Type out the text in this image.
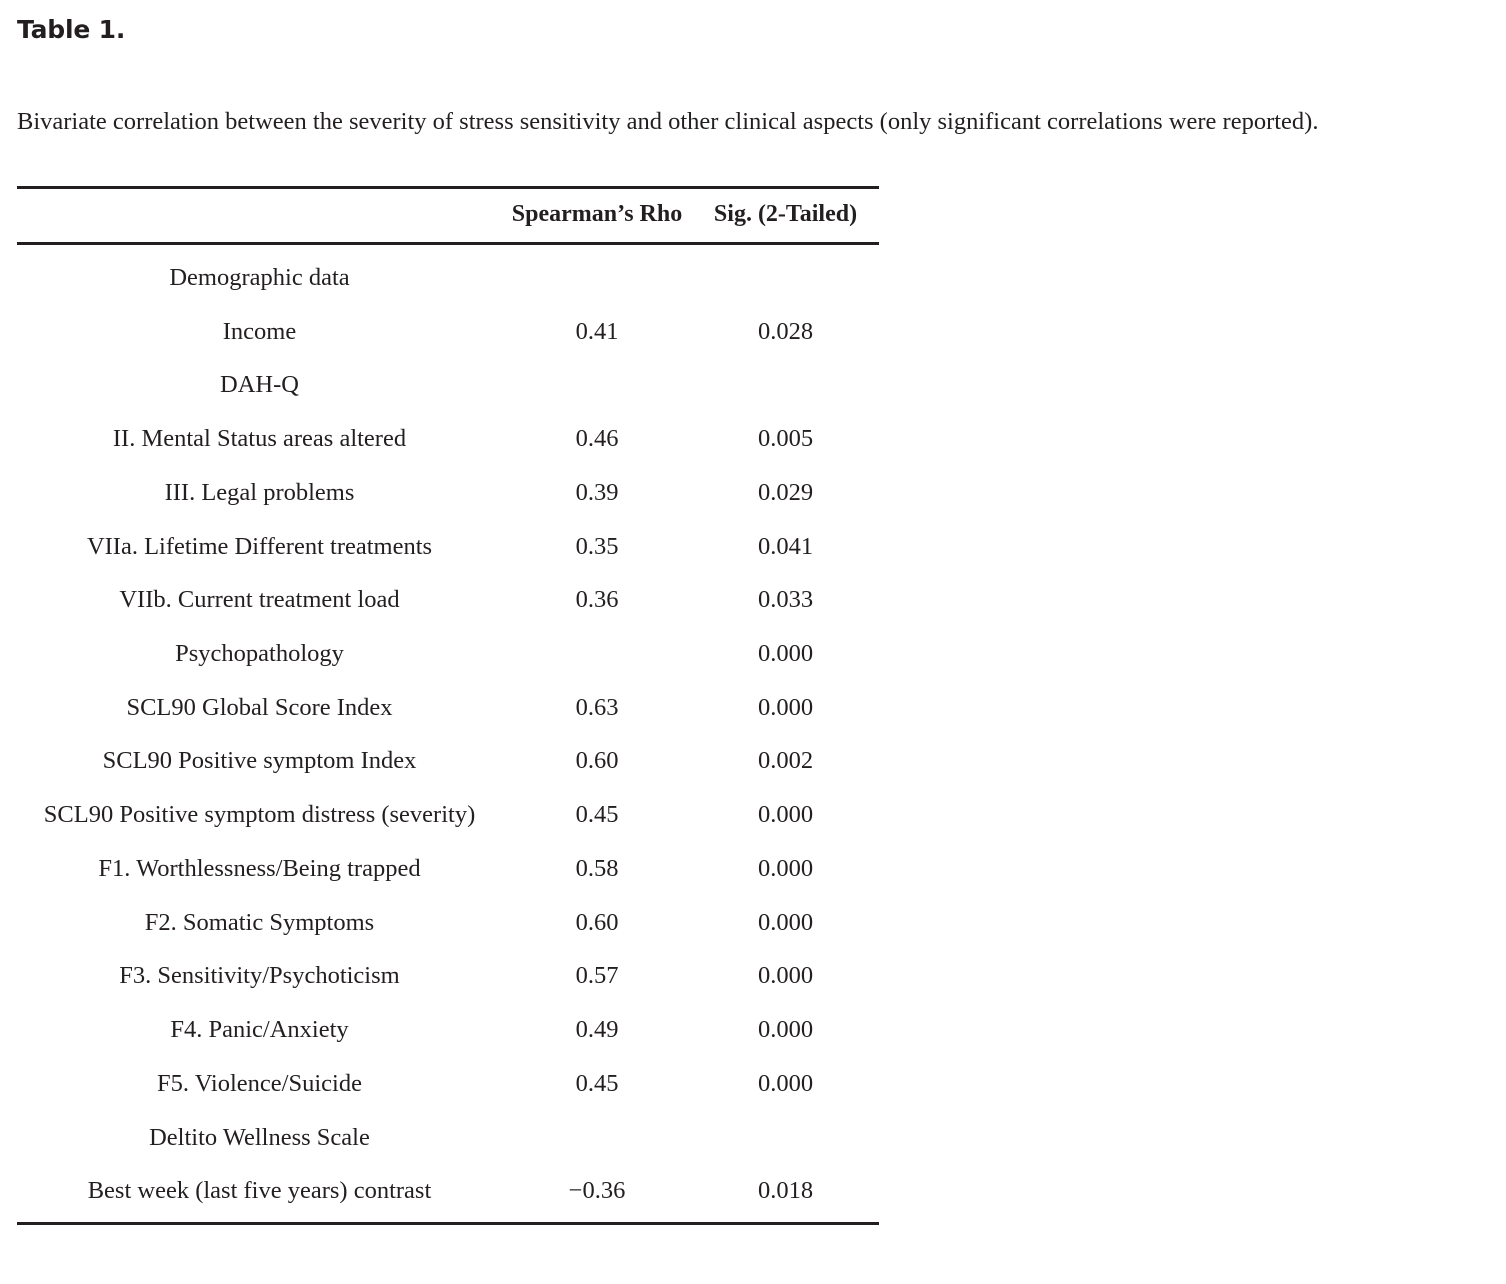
Table 1.
Bivariate correlation between the severity of stress sensitivity and other clinical aspects (only significant correlations were reported).

	Spearman’s Rho	Sig. (2-Tailed)

Demographic data		
Income	0.41	0.028
DAH-Q		
II. Mental Status areas altered	0.46	0.005
III. Legal problems	0.39	0.029
VIIa. Lifetime Different treatments	0.35	0.041
VIIb. Current treatment load	0.36	0.033
Psychopathology		0.000
SCL90 Global Score Index	0.63	0.000
SCL90 Positive symptom Index	0.60	0.002
SCL90 Positive symptom distress (severity)	0.45	0.000
F1. Worthlessness/Being trapped	0.58	0.000
F2. Somatic Symptoms	0.60	0.000
F3. Sensitivity/Psychoticism	0.57	0.000
F4. Panic/Anxiety	0.49	0.000
F5. Violence/Suicide	0.45	0.000
Deltito Wellness Scale		
Best week (last five years) contrast	−0.36	0.018
